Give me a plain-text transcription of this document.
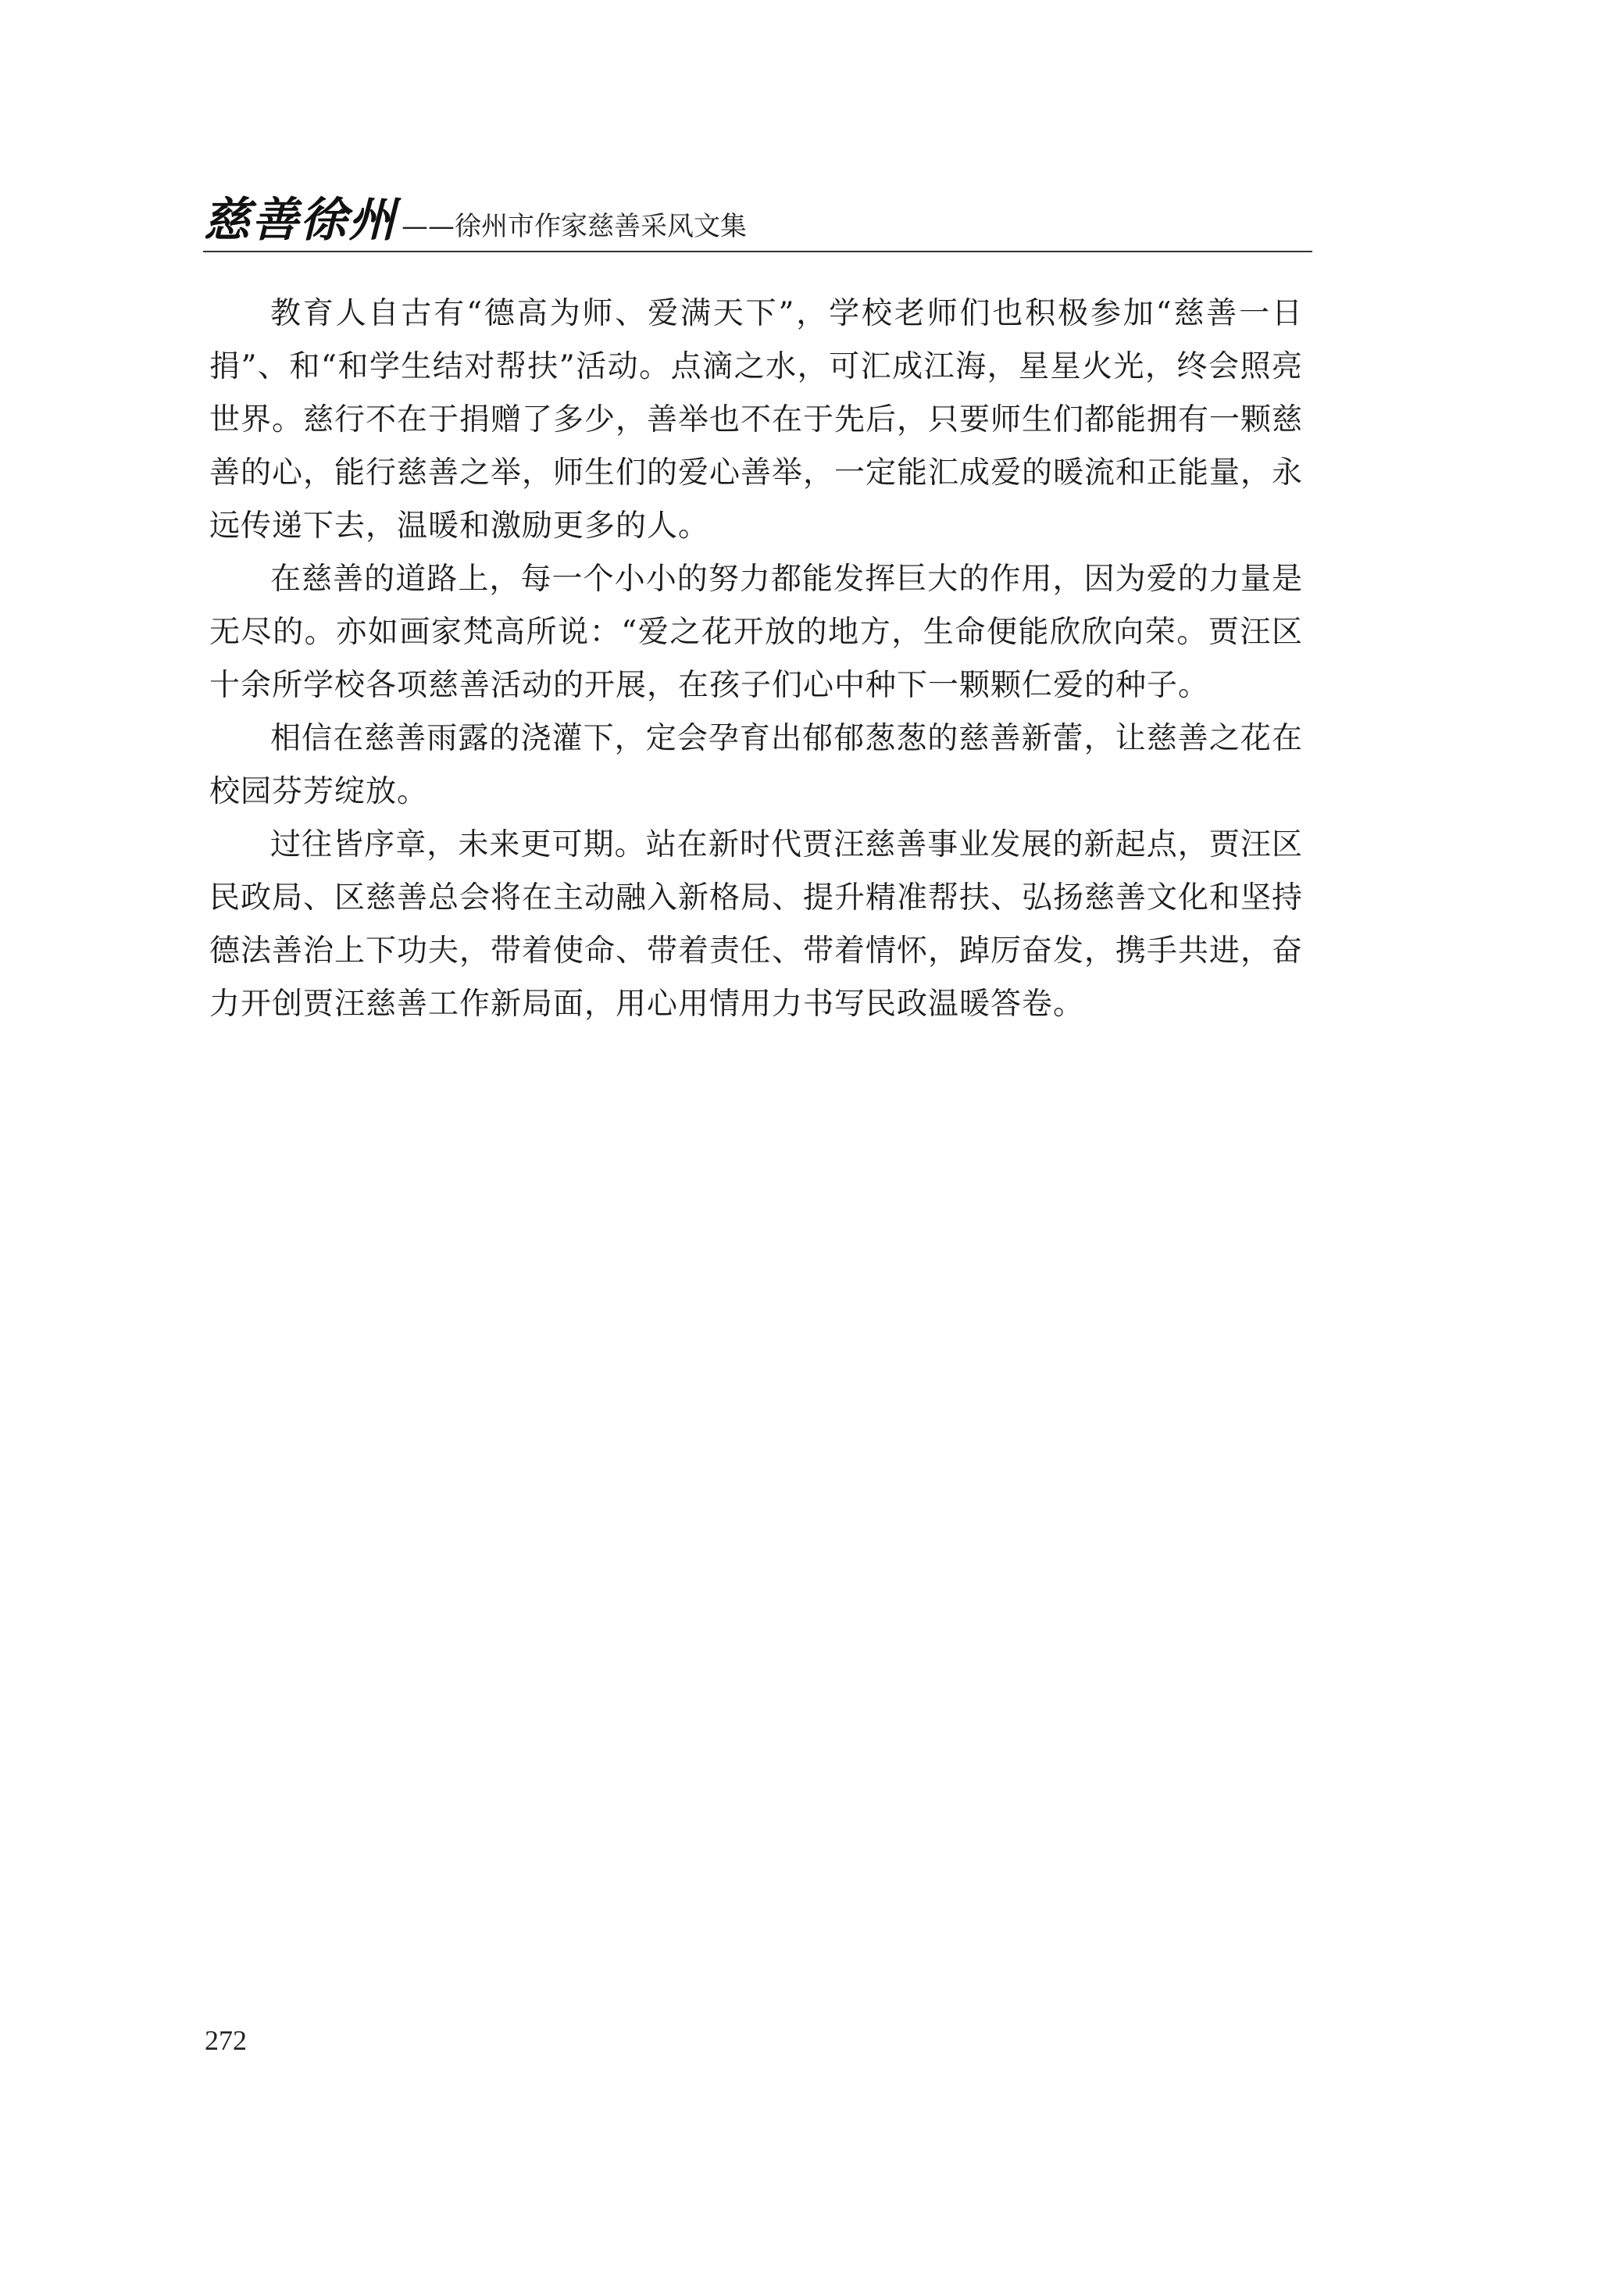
慈善徐州 ——徐州市作家慈善采风文集

教育人自古有“德高为师、爱满天下”，学校老师们也积极参加“慈善一日捐”、和“和学生结对帮扶”活动。点滴之水，可汇成江海，星星火光，终会照亮世界。慈行不在于捐赠了多少，善举也不在于先后，只要师生们都能拥有一颗慈善的心，能行慈善之举，师生们的爱心善举，一定能汇成爱的暖流和正能量，永远传递下去，温暖和激励更多的人。

在慈善的道路上，每一个小小的努力都能发挥巨大的作用，因为爱的力量是无尽的。亦如画家梵高所说：“爱之花开放的地方，生命便能欣欣向荣。贾汪区十余所学校各项慈善活动的开展，在孩子们心中种下一颗颗仁爱的种子。

相信在慈善雨露的浇灌下，定会孕育出郁郁葱葱的慈善新蕾，让慈善之花在校园芬芳绽放。

过往皆序章，未来更可期。站在新时代贾汪慈善事业发展的新起点，贾汪区民政局、区慈善总会将在主动融入新格局、提升精准帮扶、弘扬慈善文化和坚持德法善治上下功夫，带着使命、带着责任、带着情怀，踔厉奋发，携手共进，奋力开创贾汪慈善工作新局面，用心用情用力书写民政温暖答卷。

272
